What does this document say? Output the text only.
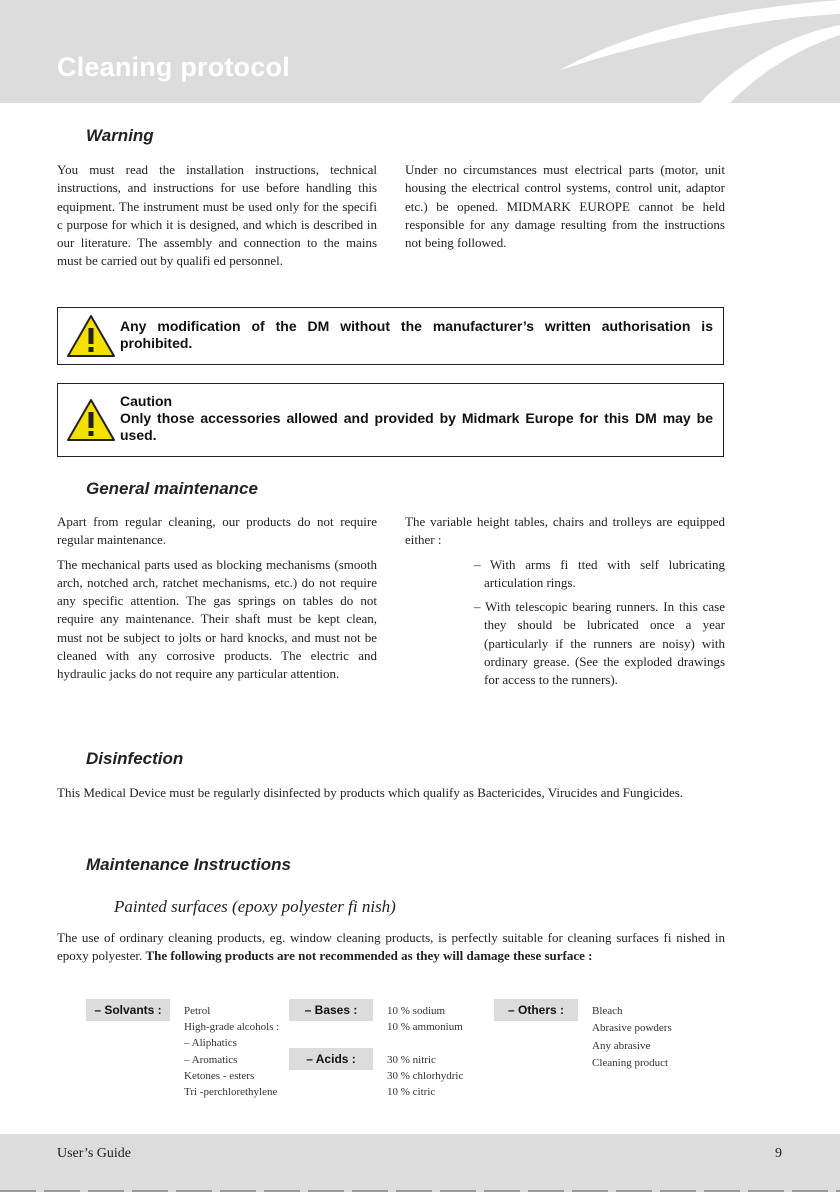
Cleaning protocol
Warning

You must read the installation instructions, technical instructions, and instructions for use before handling this equipment. The instrument must be used only for the specifi c purpose for which it is designed, and which is described in our literature. The assembly and connection to the mains must be carried out by qualifi ed personnel.

Under no circumstances must electrical parts (motor, unit housing the electrical control systems, control unit, adaptor etc.) be opened. MIDMARK EUROPE cannot be held responsible for any damage resulting from the instructions not being followed.

Any modification of the DM without the manufacturer’s written authorisation is prohibited.
Caution
Only those accessories allowed and provided by Midmark Europe for this DM may be used.
General maintenance

Apart from regular cleaning, our products do not require regular maintenance.

The mechanical parts used as blocking mechanisms (smooth arch, notched arch, ratchet mechanisms, etc.) do not require any specific attention. The gas springs on tables do not require any maintenance. Their shaft must be kept clean, must not be subject to jolts or hard knocks, and must not be cleaned with any corrosive products. The electric and hydraulic jacks do not require any particular attention.

The variable height tables, chairs and trolleys are equipped either :

– With arms fi tted with self lubricating articulation rings.
– With telescopic bearing runners. In this case they should be lubricated once a year (particularly if the runners are noisy) with ordinary grease. (See the exploded drawings for access to the runners).
Disinfection

This Medical Device must be regularly disinfected by products which qualify as Bactericides, Virucides and Fungicides.

Maintenance Instructions
Painted surfaces (epoxy polyester fi nish)

The use of ordinary cleaning products, eg. window cleaning products, is perfectly suitable for cleaning surfaces fi nished in epoxy polyester. The following products are not recommended as they will damage these surface :

– Solvants :	Petrol
High-grade alcohols :
– Aliphatics
– Aromatics
Ketones - esters
Tri -perchlorethylene
– Bases :	10 % sodium
10 % ammonium
– Acids :	30 % nitric
30 % chlorhydric
10 % citric
– Others :	Bleach
Abrasive powders
Any abrasive
Cleaning product
User’s Guide	9
